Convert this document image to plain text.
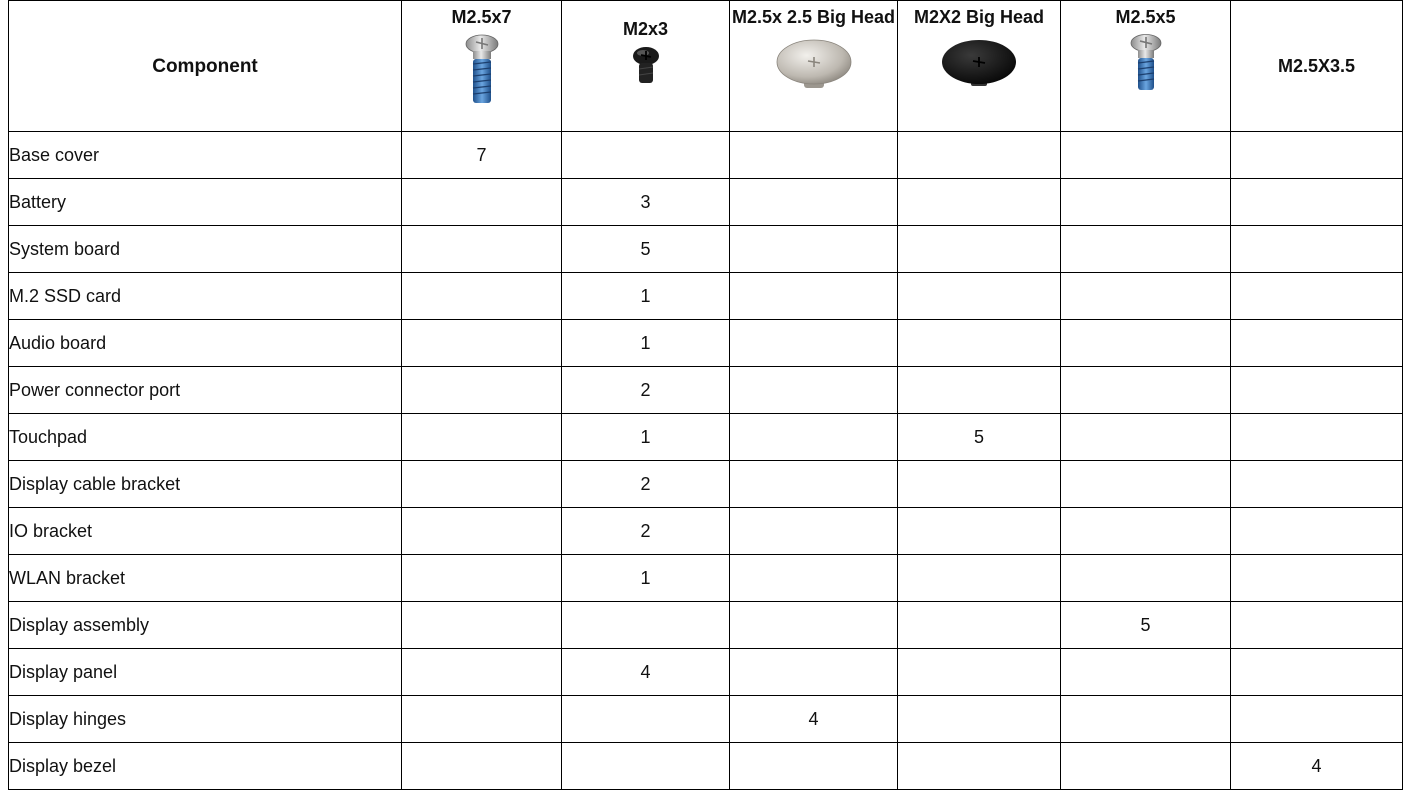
Component	M2.5x7	M2x3	M2.5x 2.5 Big Head	M2X2 Big Head	M2.5x5	M2.5X3.5

Base cover	7					
Battery		3				
System board		5				
M.2 SSD card		1				
Audio board		1				
Power connector port		2				
Touchpad		1		5		
Display cable bracket		2				
IO bracket		2				
WLAN bracket		1				
Display assembly					5	
Display panel		4				
Display hinges			4			
Display bezel						4
